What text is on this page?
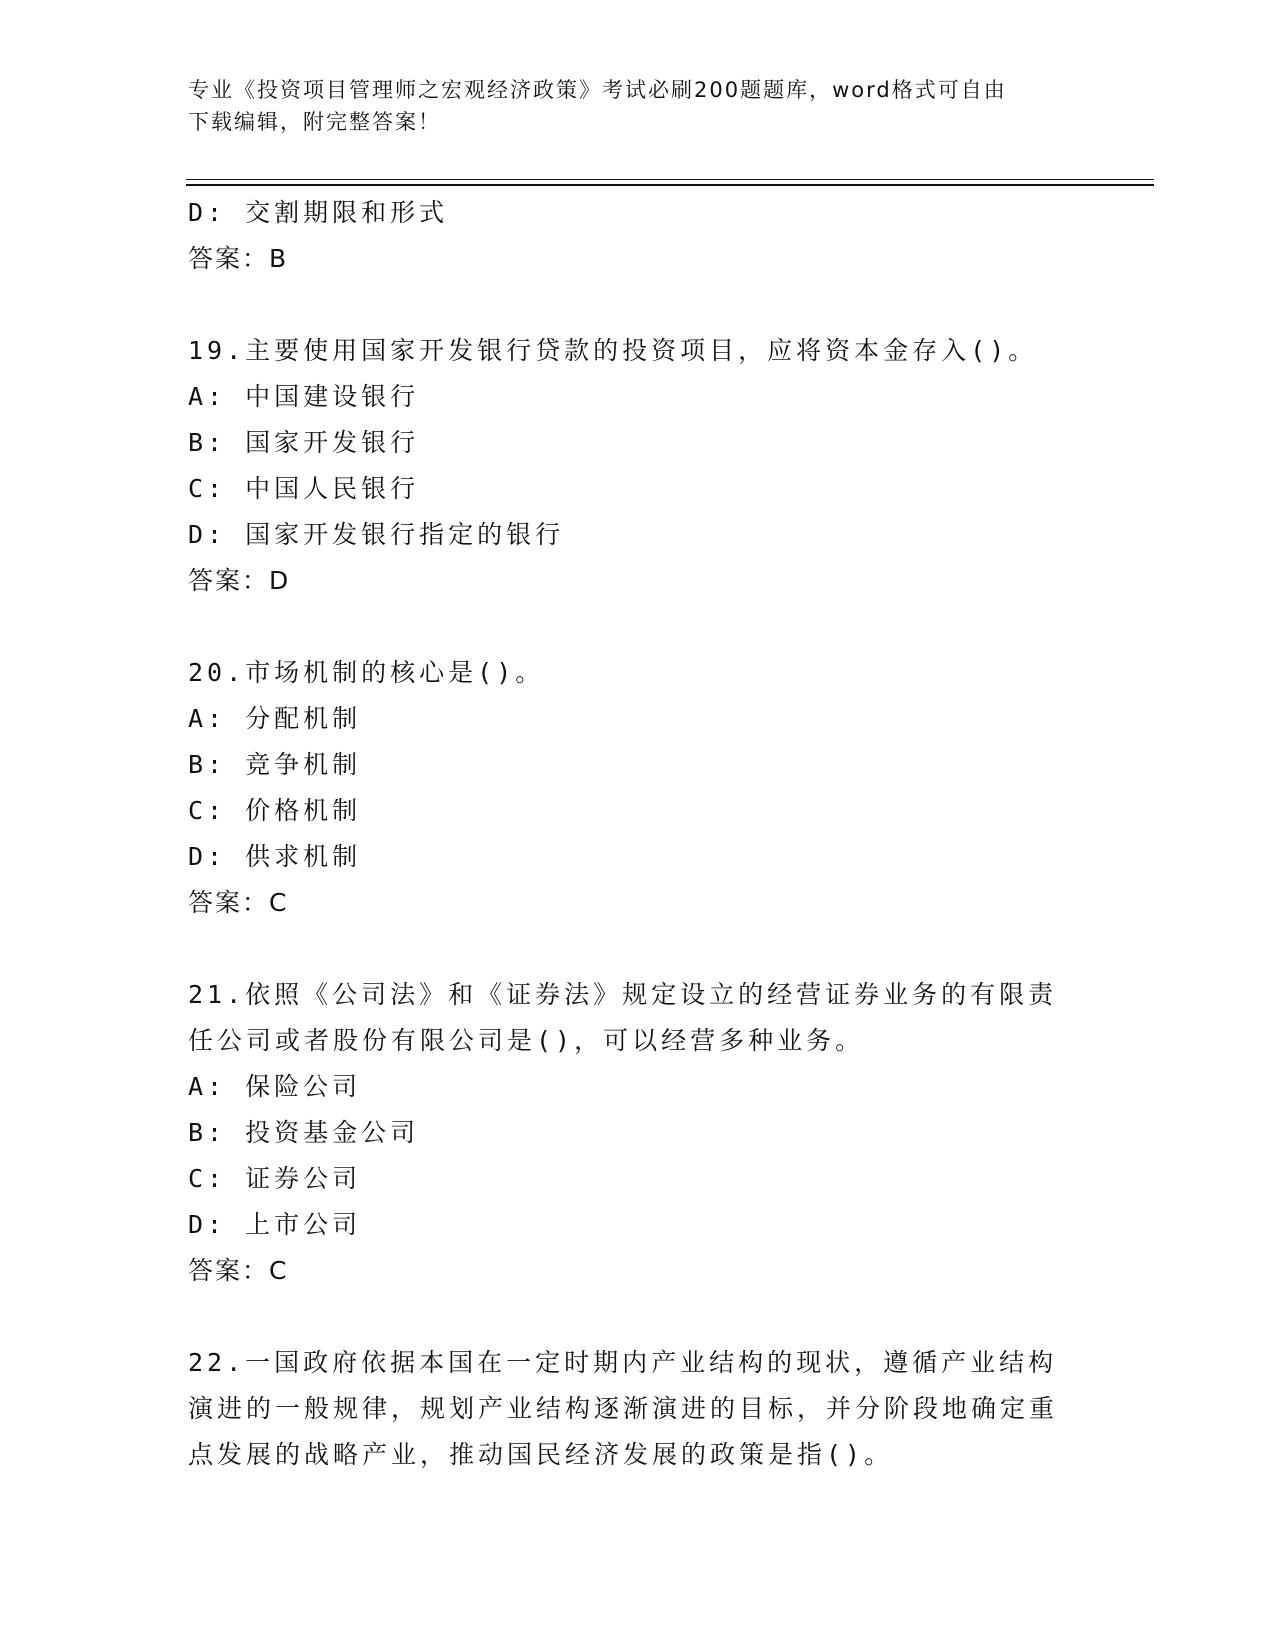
专业《投资项目管理师之宏观经济政策》考试必刷200题题库，word格式可自由
下载编辑，附完整答案！
D: 交割期限和形式
答案：B
19.主要使用国家开发银行贷款的投资项目，应将资本金存入()。
A: 中国建设银行
B: 国家开发银行
C: 中国人民银行
D: 国家开发银行指定的银行
答案：D
20.市场机制的核心是()。
A: 分配机制
B: 竞争机制
C: 价格机制
D: 供求机制
答案：C
21.依照《公司法》和《证券法》规定设立的经营证券业务的有限责任公司或者股份有限公司是()，可以经营多种业务。
A: 保险公司
B: 投资基金公司
C: 证券公司
D: 上市公司
答案：C
22.一国政府依据本国在一定时期内产业结构的现状，遵循产业结构演进的一般规律，规划产业结构逐渐演进的目标，并分阶段地确定重点发展的战略产业，推动国民经济发展的政策是指()。
